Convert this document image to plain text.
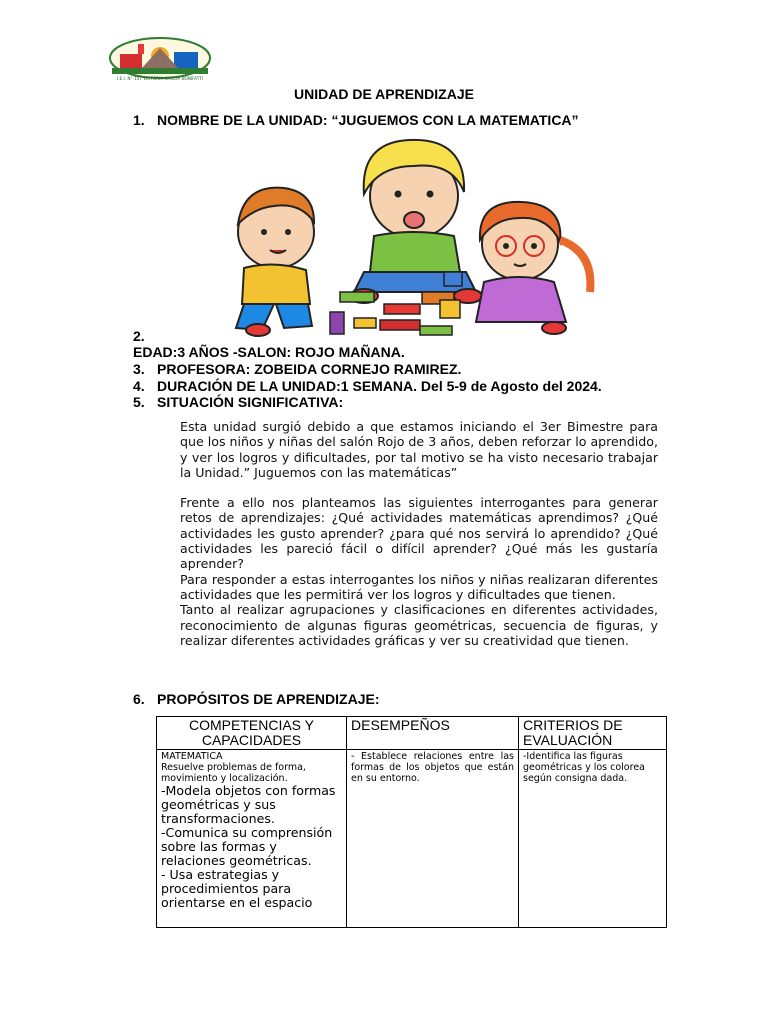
I.E.I. N° 157 VICTORIA GARCIA BONIFATTI
UNIDAD DE APRENDIZAJE
1. NOMBRE DE LA UNIDAD: “JUGUEMOS CON LA MATEMATICA”
2.
EDAD:3 AÑOS -SALON: ROJO MAÑANA.
3. PROFESORA: ZOBEIDA CORNEJO RAMIREZ.
4. DURACIÓN DE LA UNIDAD:1 SEMANA. Del 5-9 de Agosto del 2024.
5. SITUACIÓN SIGNIFICATIVA:

Esta unidad surgió debido a que estamos iniciando el 3er Bimestre para que los niños y niñas del salón Rojo de 3 años, deben reforzar lo aprendido, y ver los logros y dificultades, por tal motivo se ha visto necesario trabajar la Unidad.” Juguemos con las matemáticas”

Frente a ello nos planteamos las siguientes interrogantes para generar retos de aprendizajes: ¿Qué actividades matemáticas aprendimos? ¿Qué actividades les gusto aprender? ¿para qué nos servirá lo aprendido? ¿Qué actividades les pareció fácil o difícil aprender? ¿Qué más les gustaría aprender?

Para responder a estas interrogantes los niños y niñas realizaran diferentes actividades que les permitirá ver los logros y dificultades que tienen.

Tanto al realizar agrupaciones y clasificaciones en diferentes actividades, reconocimiento de algunas figuras geométricas, secuencia de figuras, y realizar diferentes actividades gráficas y ver su creatividad que tienen.

6. PROPÓSITOS DE APRENDIZAJE:
COMPETENCIAS Y CAPACIDADES	DESEMPEÑOS	CRITERIOS DE EVALUACIÓN

MATEMATICA
Resuelve problemas de forma, movimiento y localización.
-Modela objetos con formas geométricas y sus transformaciones.
-Comunica su comprensión sobre las formas y relaciones geométricas.
- Usa estrategias y procedimientos para orientarse en el espacio	- Establece relaciones entre las formas de los objetos que están en su entorno.	-Identifica las figuras geométricas y los colorea según consigna dada.
